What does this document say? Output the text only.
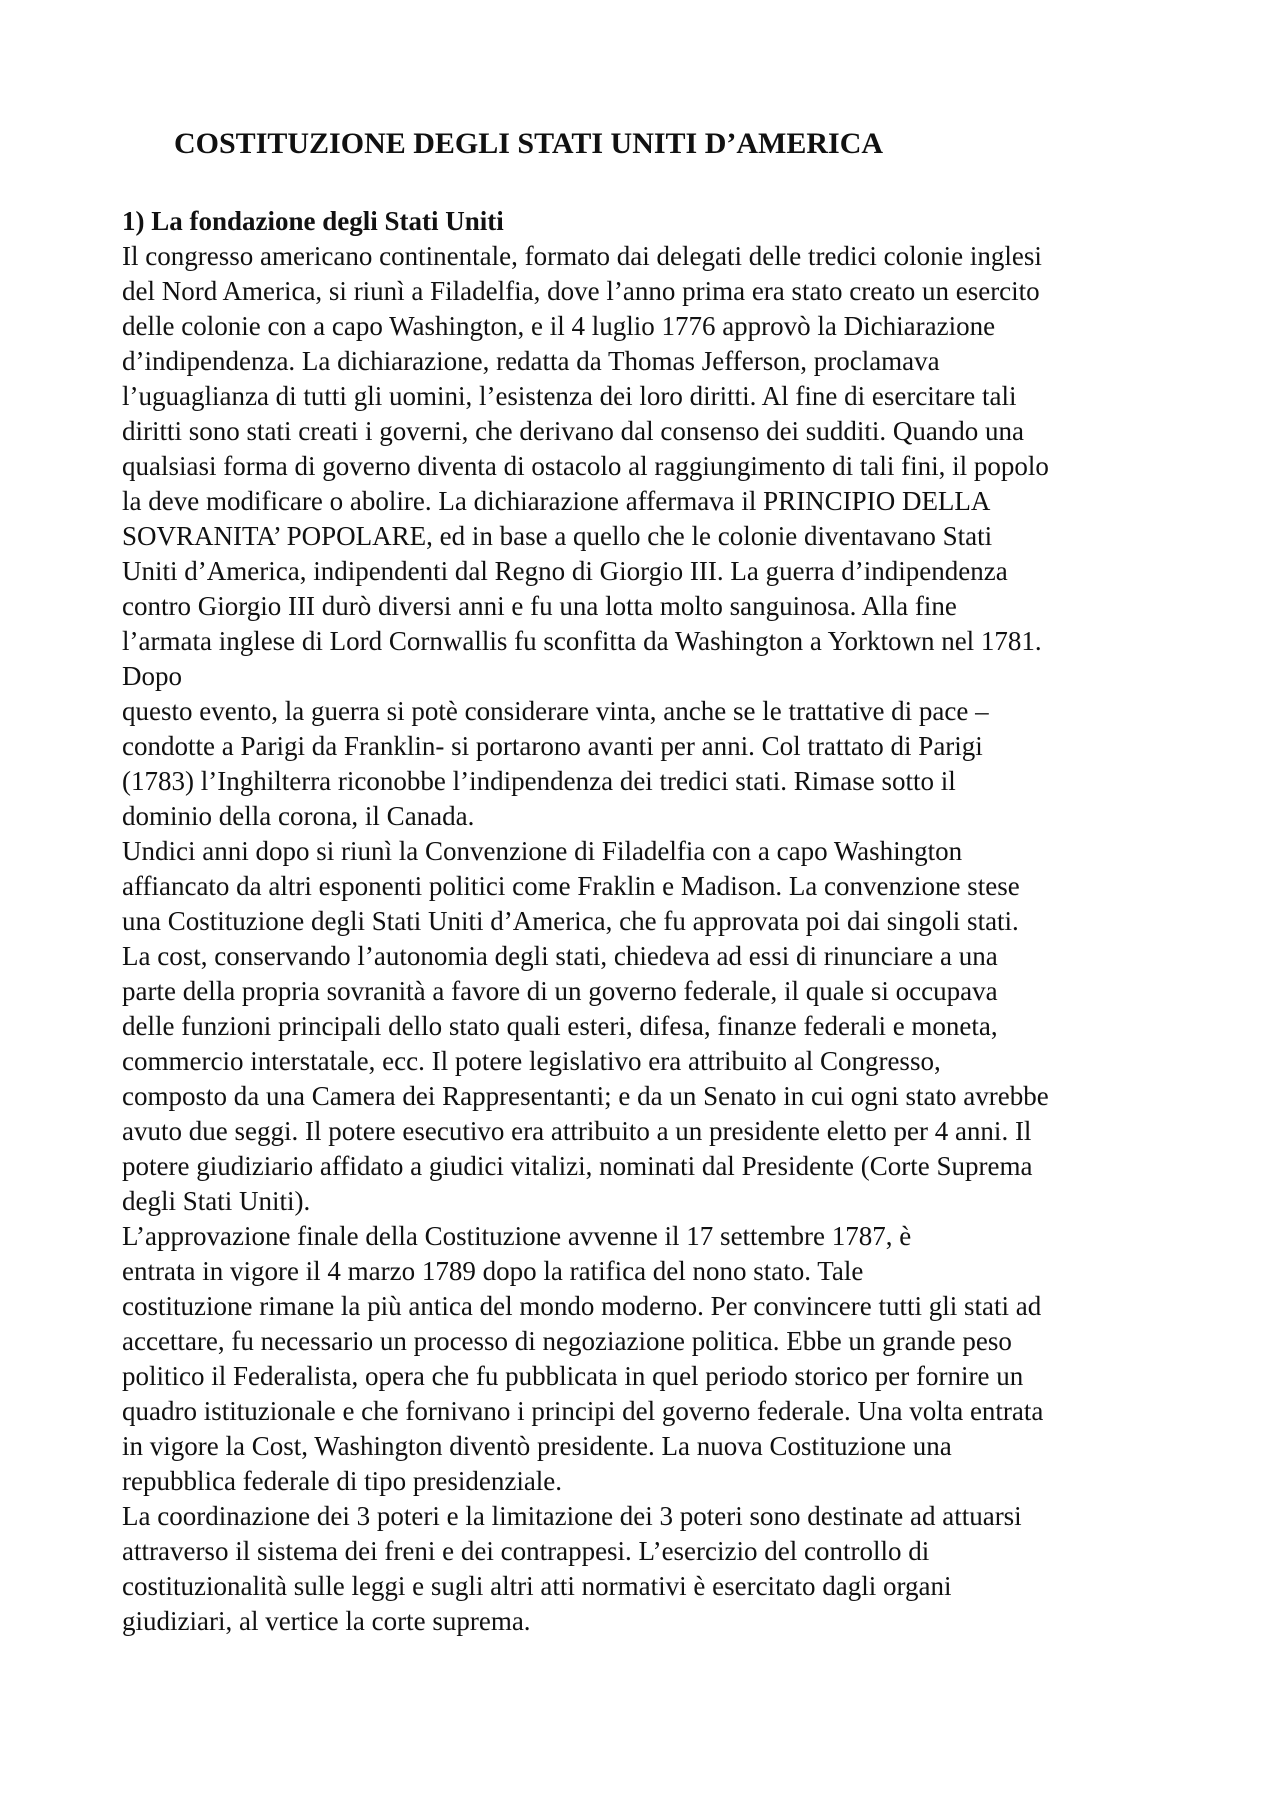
COSTITUZIONE DEGLI STATI UNITI D’AMERICA
1) La fondazione degli Stati Uniti
Il congresso americano continentale, formato dai delegati delle tredici colonie inglesi
del Nord America, si riunì a Filadelfia, dove l’anno prima era stato creato un esercito
delle colonie con a capo Washington, e il 4 luglio 1776 approvò la Dichiarazione
d’indipendenza. La dichiarazione, redatta da Thomas Jefferson, proclamava
l’uguaglianza di tutti gli uomini, l’esistenza dei loro diritti. Al fine di esercitare tali
diritti sono stati creati i governi, che derivano dal consenso dei sudditi. Quando una
qualsiasi forma di governo diventa di ostacolo al raggiungimento di tali fini, il popolo
la deve modificare o abolire. La dichiarazione affermava il PRINCIPIO DELLA
SOVRANITA’ POPOLARE, ed in base a quello che le colonie diventavano Stati
Uniti d’America, indipendenti dal Regno di Giorgio III. La guerra d’indipendenza
contro Giorgio III durò diversi anni e fu una lotta molto sanguinosa. Alla fine
l’armata inglese di Lord Cornwallis fu sconfitta da Washington a Yorktown nel 1781.
Dopo
questo evento, la guerra si potè considerare vinta, anche se le trattative di pace –
condotte a Parigi da Franklin- si portarono avanti per anni. Col trattato di Parigi
(1783) l’Inghilterra riconobbe l’indipendenza dei tredici stati. Rimase sotto il
dominio della corona, il Canada.
Undici anni dopo si riunì la Convenzione di Filadelfia con a capo Washington
affiancato da altri esponenti politici come Fraklin e Madison. La convenzione stese
una Costituzione degli Stati Uniti d’America, che fu approvata poi dai singoli stati.
La cost, conservando l’autonomia degli stati, chiedeva ad essi di rinunciare a una
parte della propria sovranità a favore di un governo federale, il quale si occupava
delle funzioni principali dello stato quali esteri, difesa, finanze federali e moneta,
commercio interstatale, ecc. Il potere legislativo era attribuito al Congresso,
composto da una Camera dei Rappresentanti; e da un Senato in cui ogni stato avrebbe
avuto due seggi. Il potere esecutivo era attribuito a un presidente eletto per 4 anni. Il
potere giudiziario affidato a giudici vitalizi, nominati dal Presidente (Corte Suprema
degli Stati Uniti).
L’approvazione finale della Costituzione avvenne il 17 settembre 1787, è
entrata in vigore il 4 marzo 1789 dopo la ratifica del nono stato. Tale
costituzione rimane la più antica del mondo moderno. Per convincere tutti gli stati ad
accettare, fu necessario un processo di negoziazione politica. Ebbe un grande peso
politico il Federalista, opera che fu pubblicata in quel periodo storico per fornire un
quadro istituzionale e che fornivano i principi del governo federale. Una volta entrata
in vigore la Cost, Washington diventò presidente. La nuova Costituzione una
repubblica federale di tipo presidenziale.
La coordinazione dei 3 poteri e la limitazione dei 3 poteri sono destinate ad attuarsi
attraverso il sistema dei freni e dei contrappesi. L’esercizio del controllo di
costituzionalità sulle leggi e sugli altri atti normativi è esercitato dagli organi
giudiziari, al vertice la corte suprema.
